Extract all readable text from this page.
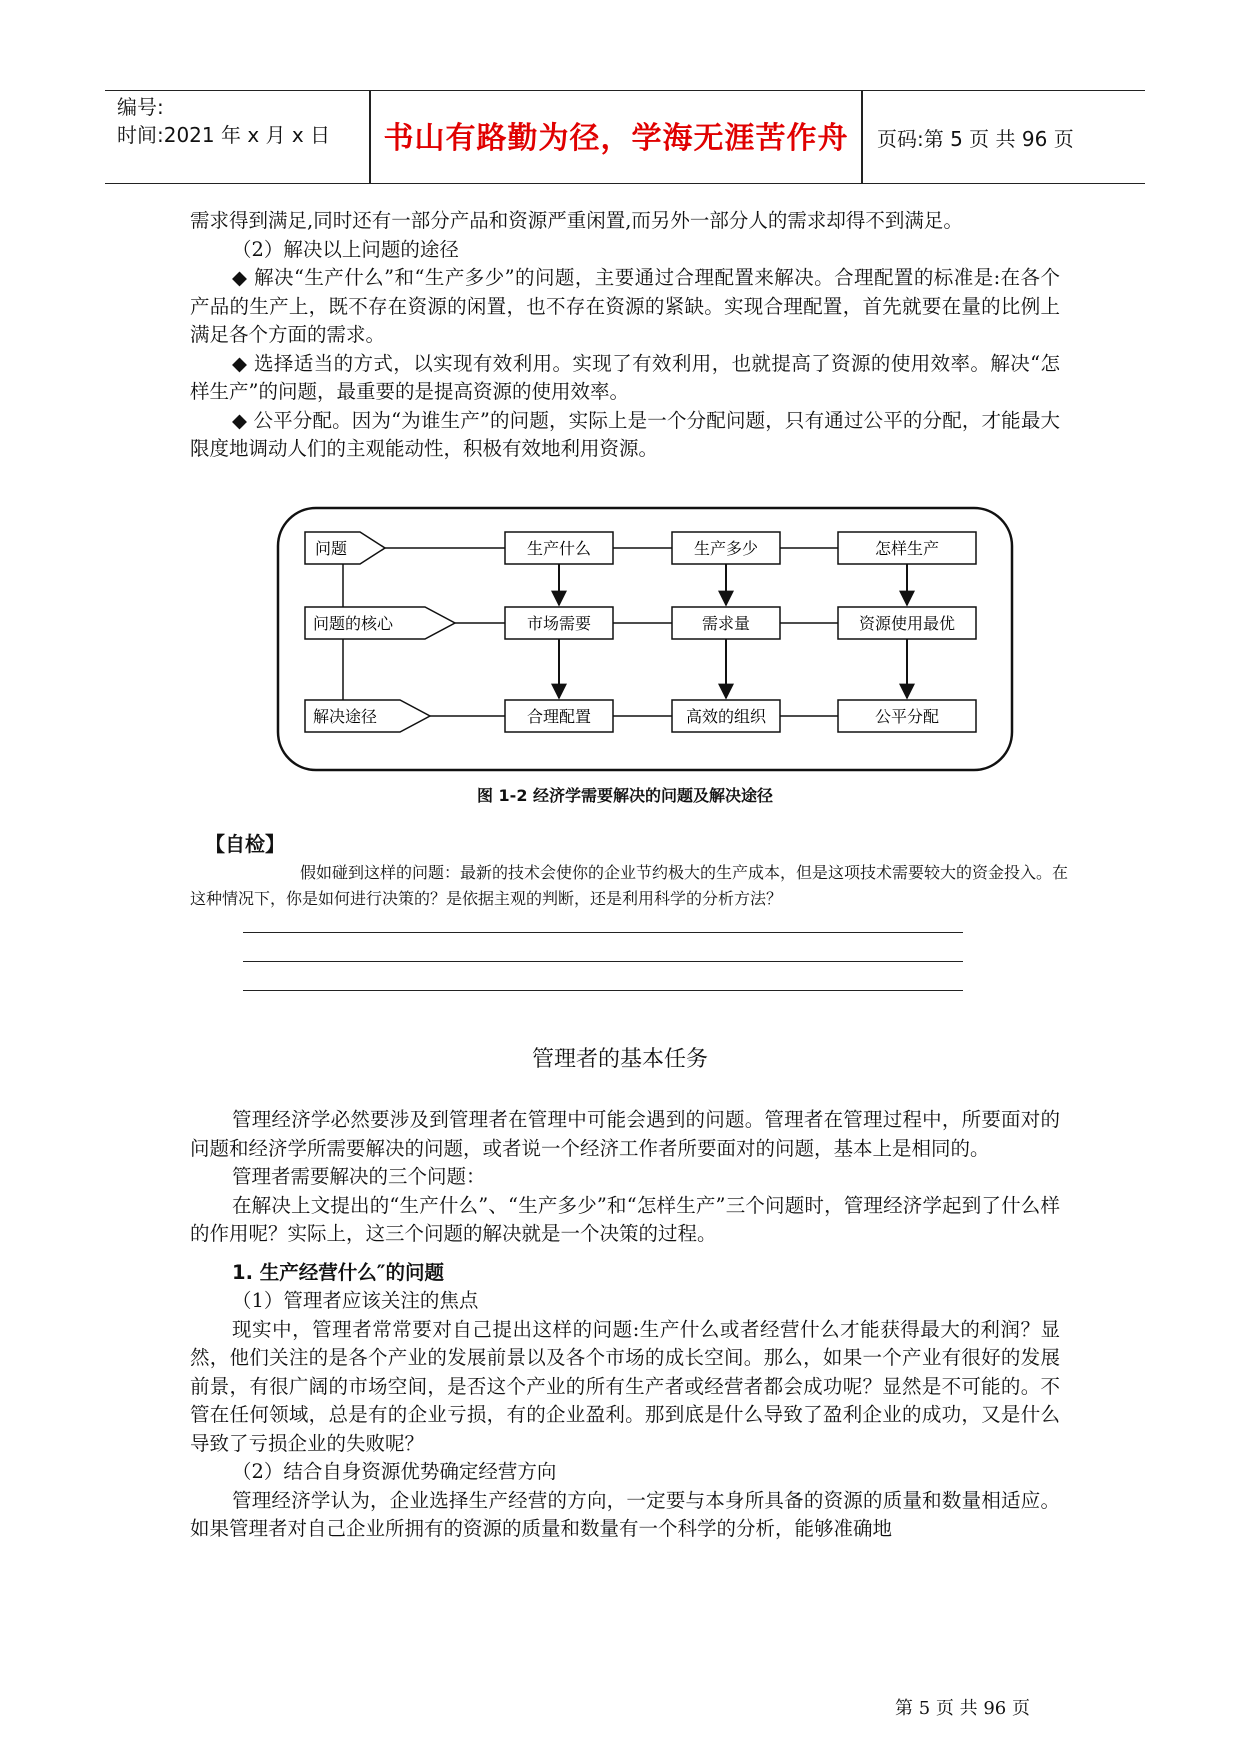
编号:
时间:2021 年 x 月 x 日	书山有路勤为径，学海无涯苦作舟	页码:第 5 页 共 96 页

需求得到满足,同时还有一部分产品和资源严重闲置,而另外一部分人的需求却得不到满足。

（2）解决以上问题的途径

◆ 解决“生产什么”和“生产多少”的问题，主要通过合理配置来解决。合理配置的标准是:在各个产品的生产上，既不存在资源的闲置，也不存在资源的紧缺。实现合理配置，首先就要在量的比例上满足各个方面的需求。

◆ 选择适当的方式，以实现有效利用。实现了有效利用，也就提高了资源的使用效率。解决“怎样生产”的问题，最重要的是提高资源的使用效率。

◆ 公平分配。因为“为谁生产”的问题，实际上是一个分配问题，只有通过公平的分配，才能最大限度地调动人们的主观能动性，积极有效地利用资源。

问题
问题的核心
解决途径
生产什么	生产多少	怎样生产
市场需要	需求量	资源使用最优
合理配置	高效的组织	公平分配
图 1-2 经济学需要解决的问题及解决途径
【自检】

假如碰到这样的问题：最新的技术会使你的企业节约极大的生产成本，但是这项技术需要较大的资金投入。在这种情况下，你是如何进行决策的？是依据主观的判断，还是利用科学的分析方法？

管理者的基本任务

管理经济学必然要涉及到管理者在管理中可能会遇到的问题。管理者在管理过程中，所要面对的问题和经济学所需要解决的问题，或者说一个经济工作者所要面对的问题，基本上是相同的。

管理者需要解决的三个问题：

在解决上文提出的“生产什么”、“生产多少”和“怎样生产”三个问题时，管理经济学起到了什么样的作用呢？实际上，这三个问题的解决就是一个决策的过程。

1. 生产经营什么″的问题

（1）管理者应该关注的焦点

现实中，管理者常常要对自己提出这样的问题:生产什么或者经营什么才能获得最大的利润？显然，他们关注的是各个产业的发展前景以及各个市场的成长空间。那么，如果一个产业有很好的发展前景，有很广阔的市场空间，是否这个产业的所有生产者或经营者都会成功呢？显然是不可能的。不管在任何领域，总是有的企业亏损，有的企业盈利。那到底是什么导致了盈利企业的成功，又是什么导致了亏损企业的失败呢？

（2）结合自身资源优势确定经营方向

管理经济学认为，企业选择生产经营的方向，一定要与本身所具备的资源的质量和数量相适应。如果管理者对自己企业所拥有的资源的质量和数量有一个科学的分析，能够准确地

第 5 页 共 96 页
